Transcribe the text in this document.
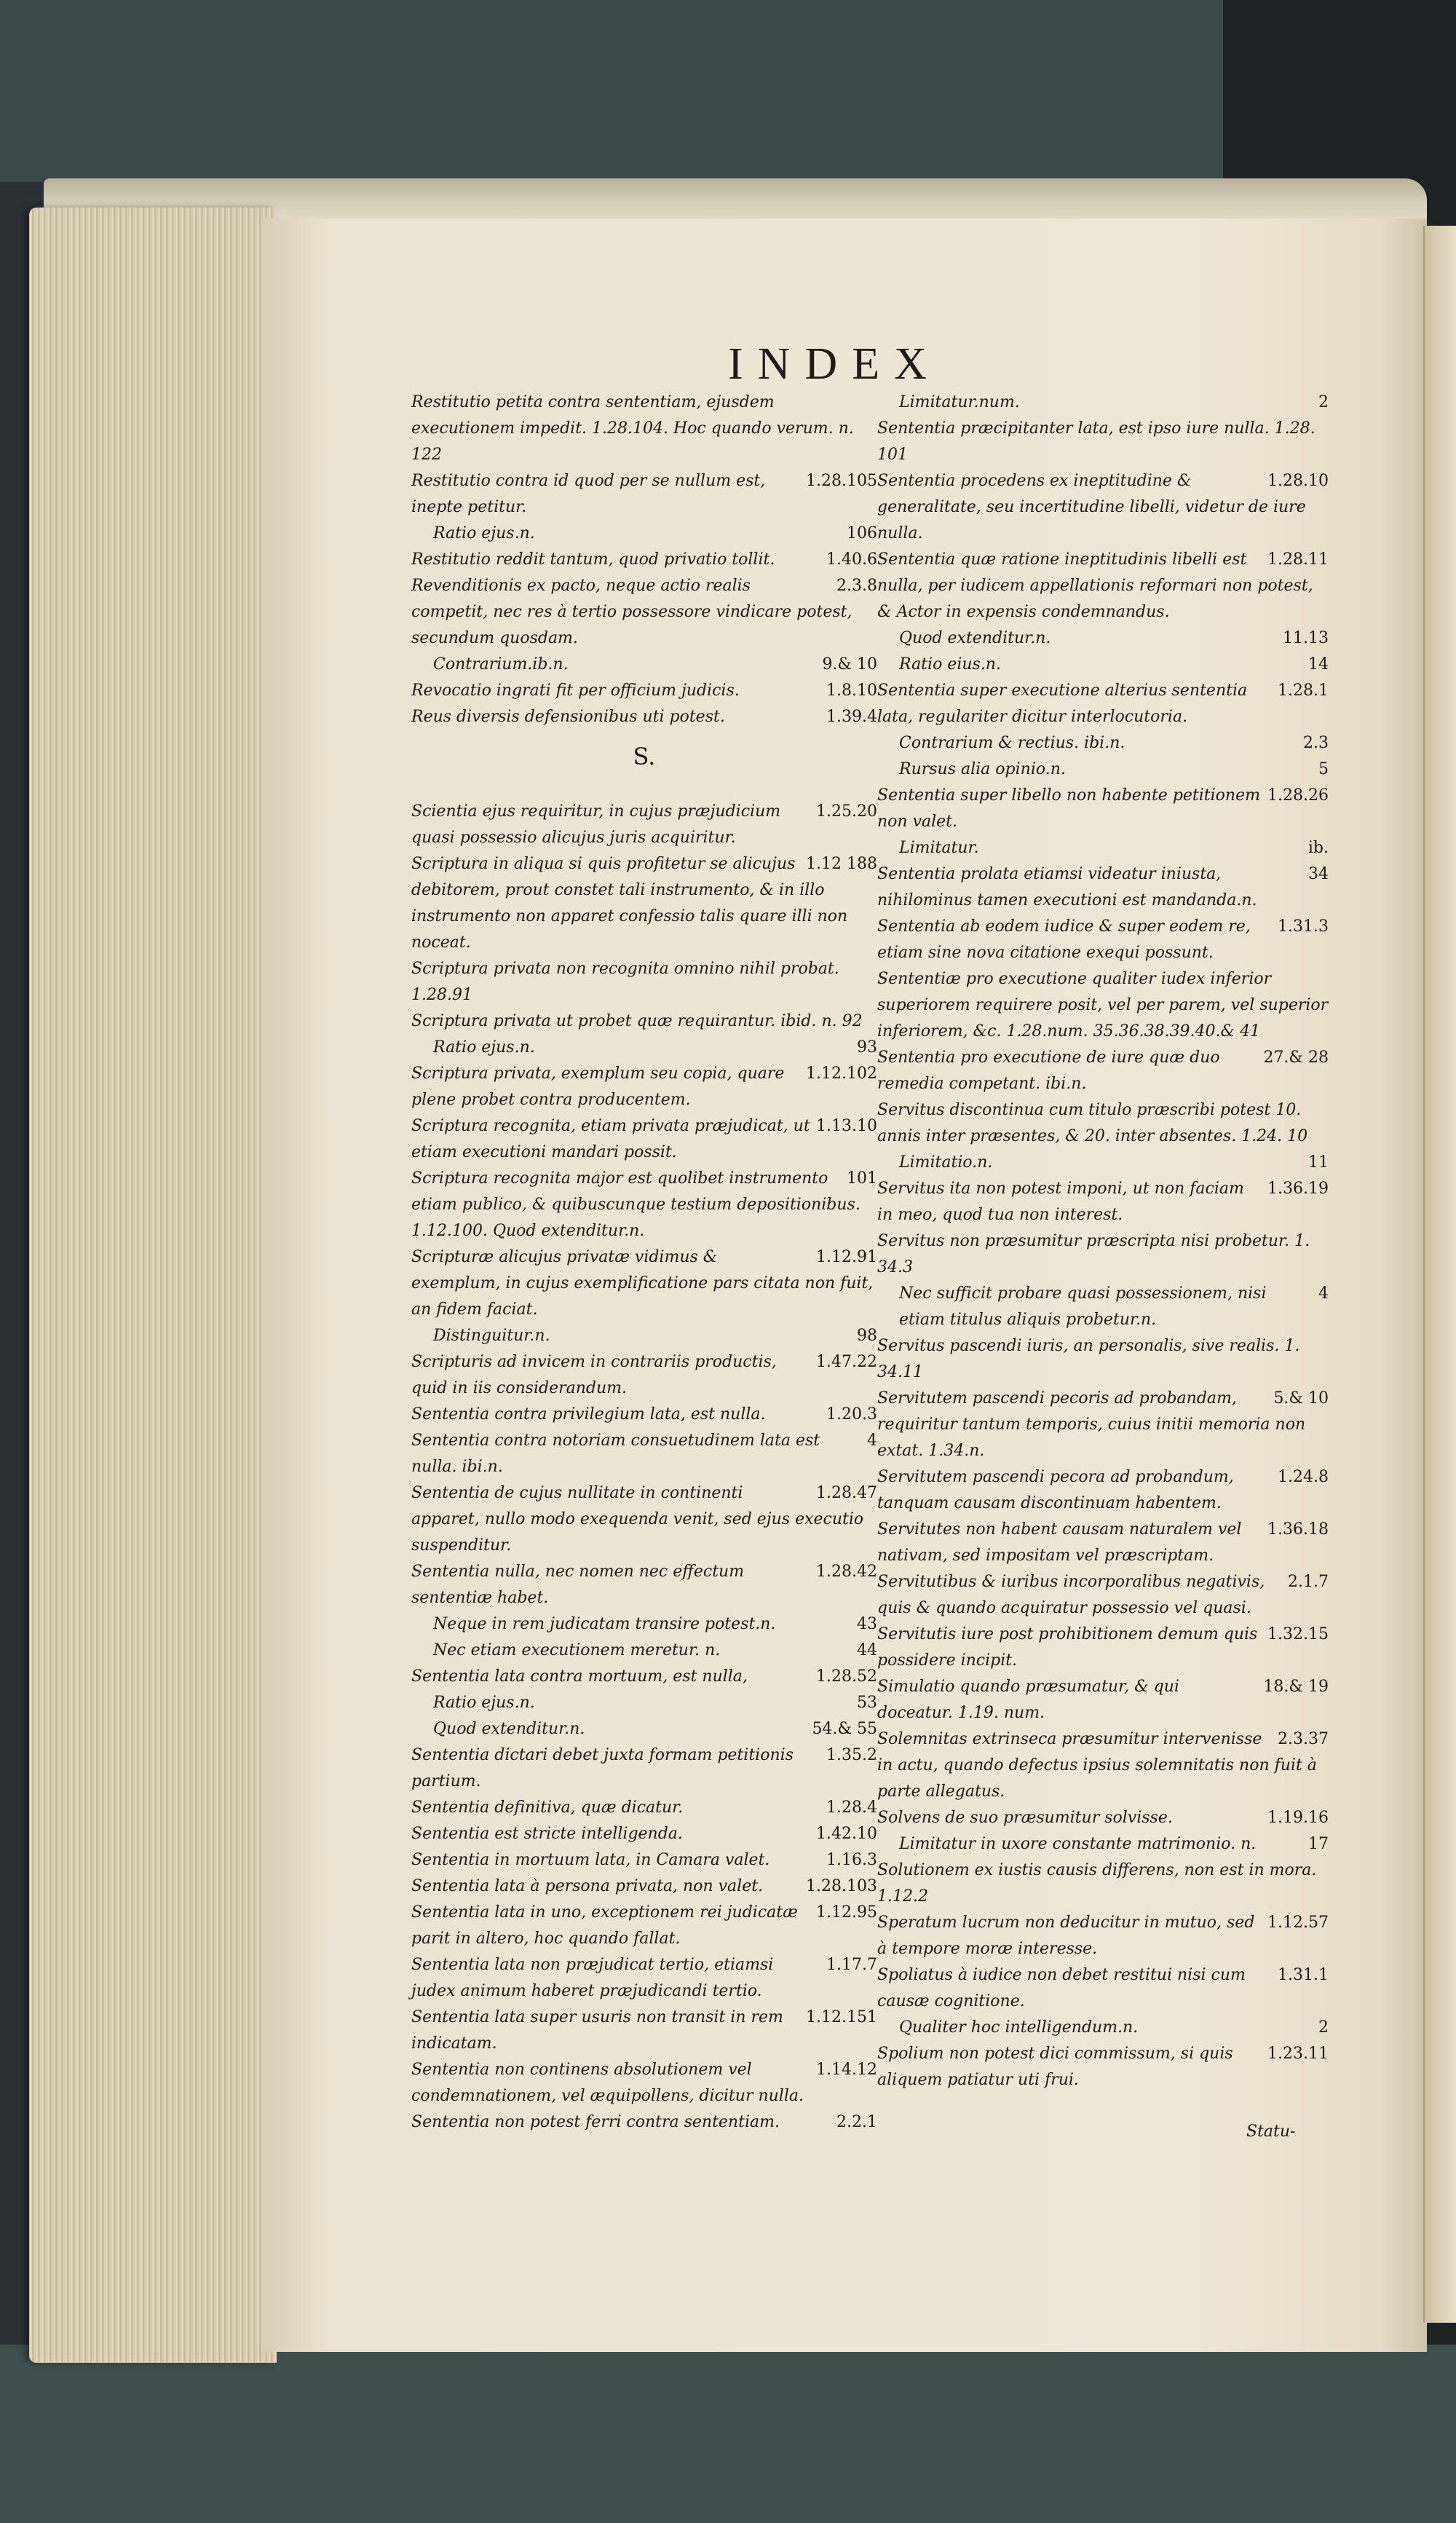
INDEX
Restitutio petita contra sententiam, ejusdem executionem impedit. 1.28.104. Hoc quando verum. n. 122
1.28.105
Restitutio contra id quod per se nullum est, inepte petitur.
106
Ratio ejus.n.
1.40.6
Restitutio reddit tantum, quod privatio tollit.
2.3.8
Revenditionis ex pacto, neque actio realis competit, nec res à tertio possessore vindicare potest, secundum quosdam.
9.& 10
Contrarium.ib.n.
1.8.10
Revocatio ingrati fit per officium judicis.
1.39.4
Reus diversis defensionibus uti potest.
S.
1.25.20
Scientia ejus requiritur, in cujus præjudicium quasi possessio alicujus juris acquiritur.
1.12 188
Scriptura in aliqua si quis profitetur se alicujus debitorem, prout constet tali instrumento, & in illo instrumento non apparet confessio talis quare illi non noceat.
Scriptura privata non recognita omnino nihil probat. 1.28.91
Scriptura privata ut probet quæ requirantur. ibid. n. 92
93
Ratio ejus.n.
1.12.102
Scriptura privata, exemplum seu copia, quare plene probet contra producentem.
1.13.10
Scriptura recognita, etiam privata præjudicat, ut etiam executioni mandari possit.
101
Scriptura recognita major est quolibet instrumento etiam publico, & quibuscunque testium depositionibus. 1.12.100. Quod extenditur.n.
1.12.91
Scripturæ alicujus privatæ vidimus & exemplum, in cujus exemplificatione pars citata non fuit, an fidem faciat.
98
Distinguitur.n.
1.47.22
Scripturis ad invicem in contrariis productis, quid in iis considerandum.
1.20.3
Sententia contra privilegium lata, est nulla.
4
Sententia contra notoriam consuetudinem lata est nulla. ibi.n.
1.28.47
Sententia de cujus nullitate in continenti apparet, nullo modo exequenda venit, sed ejus executio suspenditur.
1.28.42
Sententia nulla, nec nomen nec effectum sententiæ habet.
43
Neque in rem judicatam transire potest.n.
44
Nec etiam executionem meretur. n.
1.28.52
Sententia lata contra mortuum, est nulla,
53
Ratio ejus.n.
54.& 55
Quod extenditur.n.
1.35.2
Sententia dictari debet juxta formam petitionis partium.
1.28.4
Sententia definitiva, quæ dicatur.
1.42.10
Sententia est stricte intelligenda.
1.16.3
Sententia in mortuum lata, in Camara valet.
1.28.103
Sententia lata à persona privata, non valet.
1.12.95
Sententia lata in uno, exceptionem rei judicatæ parit in altero, hoc quando fallat.
1.17.7
Sententia lata non præjudicat tertio, etiamsi judex animum haberet præjudicandi tertio.
1.12.151
Sententia lata super usuris non transit in rem indicatam.
1.14.12
Sententia non continens absolutionem vel condemnationem, vel æquipollens, dicitur nulla.
2.2.1
Sententia non potest ferri contra sententiam.
2
Limitatur.num.
Sententia præcipitanter lata, est ipso iure nulla. 1.28. 101
1.28.10
Sententia procedens ex ineptitudine & generalitate, seu incertitudine libelli, videtur de iure nulla.
1.28.11
Sententia quæ ratione ineptitudinis libelli est nulla, per iudicem appellationis reformari non potest, & Actor in expensis condemnandus.
11.13
Quod extenditur.n.
14
Ratio eius.n.
1.28.1
Sententia super executione alterius sententia lata, regulariter dicitur interlocutoria.
2.3
Contrarium & rectius. ibi.n.
5
Rursus alia opinio.n.
1.28.26
Sententia super libello non habente petitionem non valet.
ib.
Limitatur.
34
Sententia prolata etiamsi videatur iniusta, nihilominus tamen executioni est mandanda.n.
1.31.3
Sententia ab eodem iudice & super eodem re, etiam sine nova citatione exequi possunt.
Sententiæ pro executione qualiter iudex inferior superiorem requirere posit, vel per parem, vel superior inferiorem, &c. 1.28.num. 35.36.38.39.40.& 41
27.& 28
Sententia pro executione de iure quæ duo remedia competant. ibi.n.
Servitus discontinua cum titulo præscribi potest 10. annis inter præsentes, & 20. inter absentes. 1.24. 10
11
Limitatio.n.
1.36.19
Servitus ita non potest imponi, ut non faciam in meo, quod tua non interest.
Servitus non præsumitur præscripta nisi probetur. 1. 34.3
4
Nec sufficit probare quasi possessionem, nisi etiam titulus aliquis probetur.n.
Servitus pascendi iuris, an personalis, sive realis. 1. 34.11
5.& 10
Servitutem pascendi pecoris ad probandam, requiritur tantum temporis, cuius initii memoria non extat. 1.34.n.
1.24.8
Servitutem pascendi pecora ad probandum, tanquam causam discontinuam habentem.
1.36.18
Servitutes non habent causam naturalem vel nativam, sed impositam vel præscriptam.
2.1.7
Servitutibus & iuribus incorporalibus negativis, quis & quando acquiratur possessio vel quasi.
1.32.15
Servitutis iure post prohibitionem demum quis possidere incipit.
18.& 19
Simulatio quando præsumatur, & qui doceatur. 1.19. num.
2.3.37
Solemnitas extrinseca præsumitur intervenisse in actu, quando defectus ipsius solemnitatis non fuit à parte allegatus.
1.19.16
Solvens de suo præsumitur solvisse.
17
Limitatur in uxore constante matrimonio. n.
Solutionem ex iustis causis differens, non est in mora. 1.12.2
1.12.57
Speratum lucrum non deducitur in mutuo, sed à tempore moræ interesse.
1.31.1
Spoliatus à iudice non debet restitui nisi cum causæ cognitione.
2
Qualiter hoc intelligendum.n.
1.23.11
Spolium non potest dici commissum, si quis aliquem patiatur uti frui.
Statu-
